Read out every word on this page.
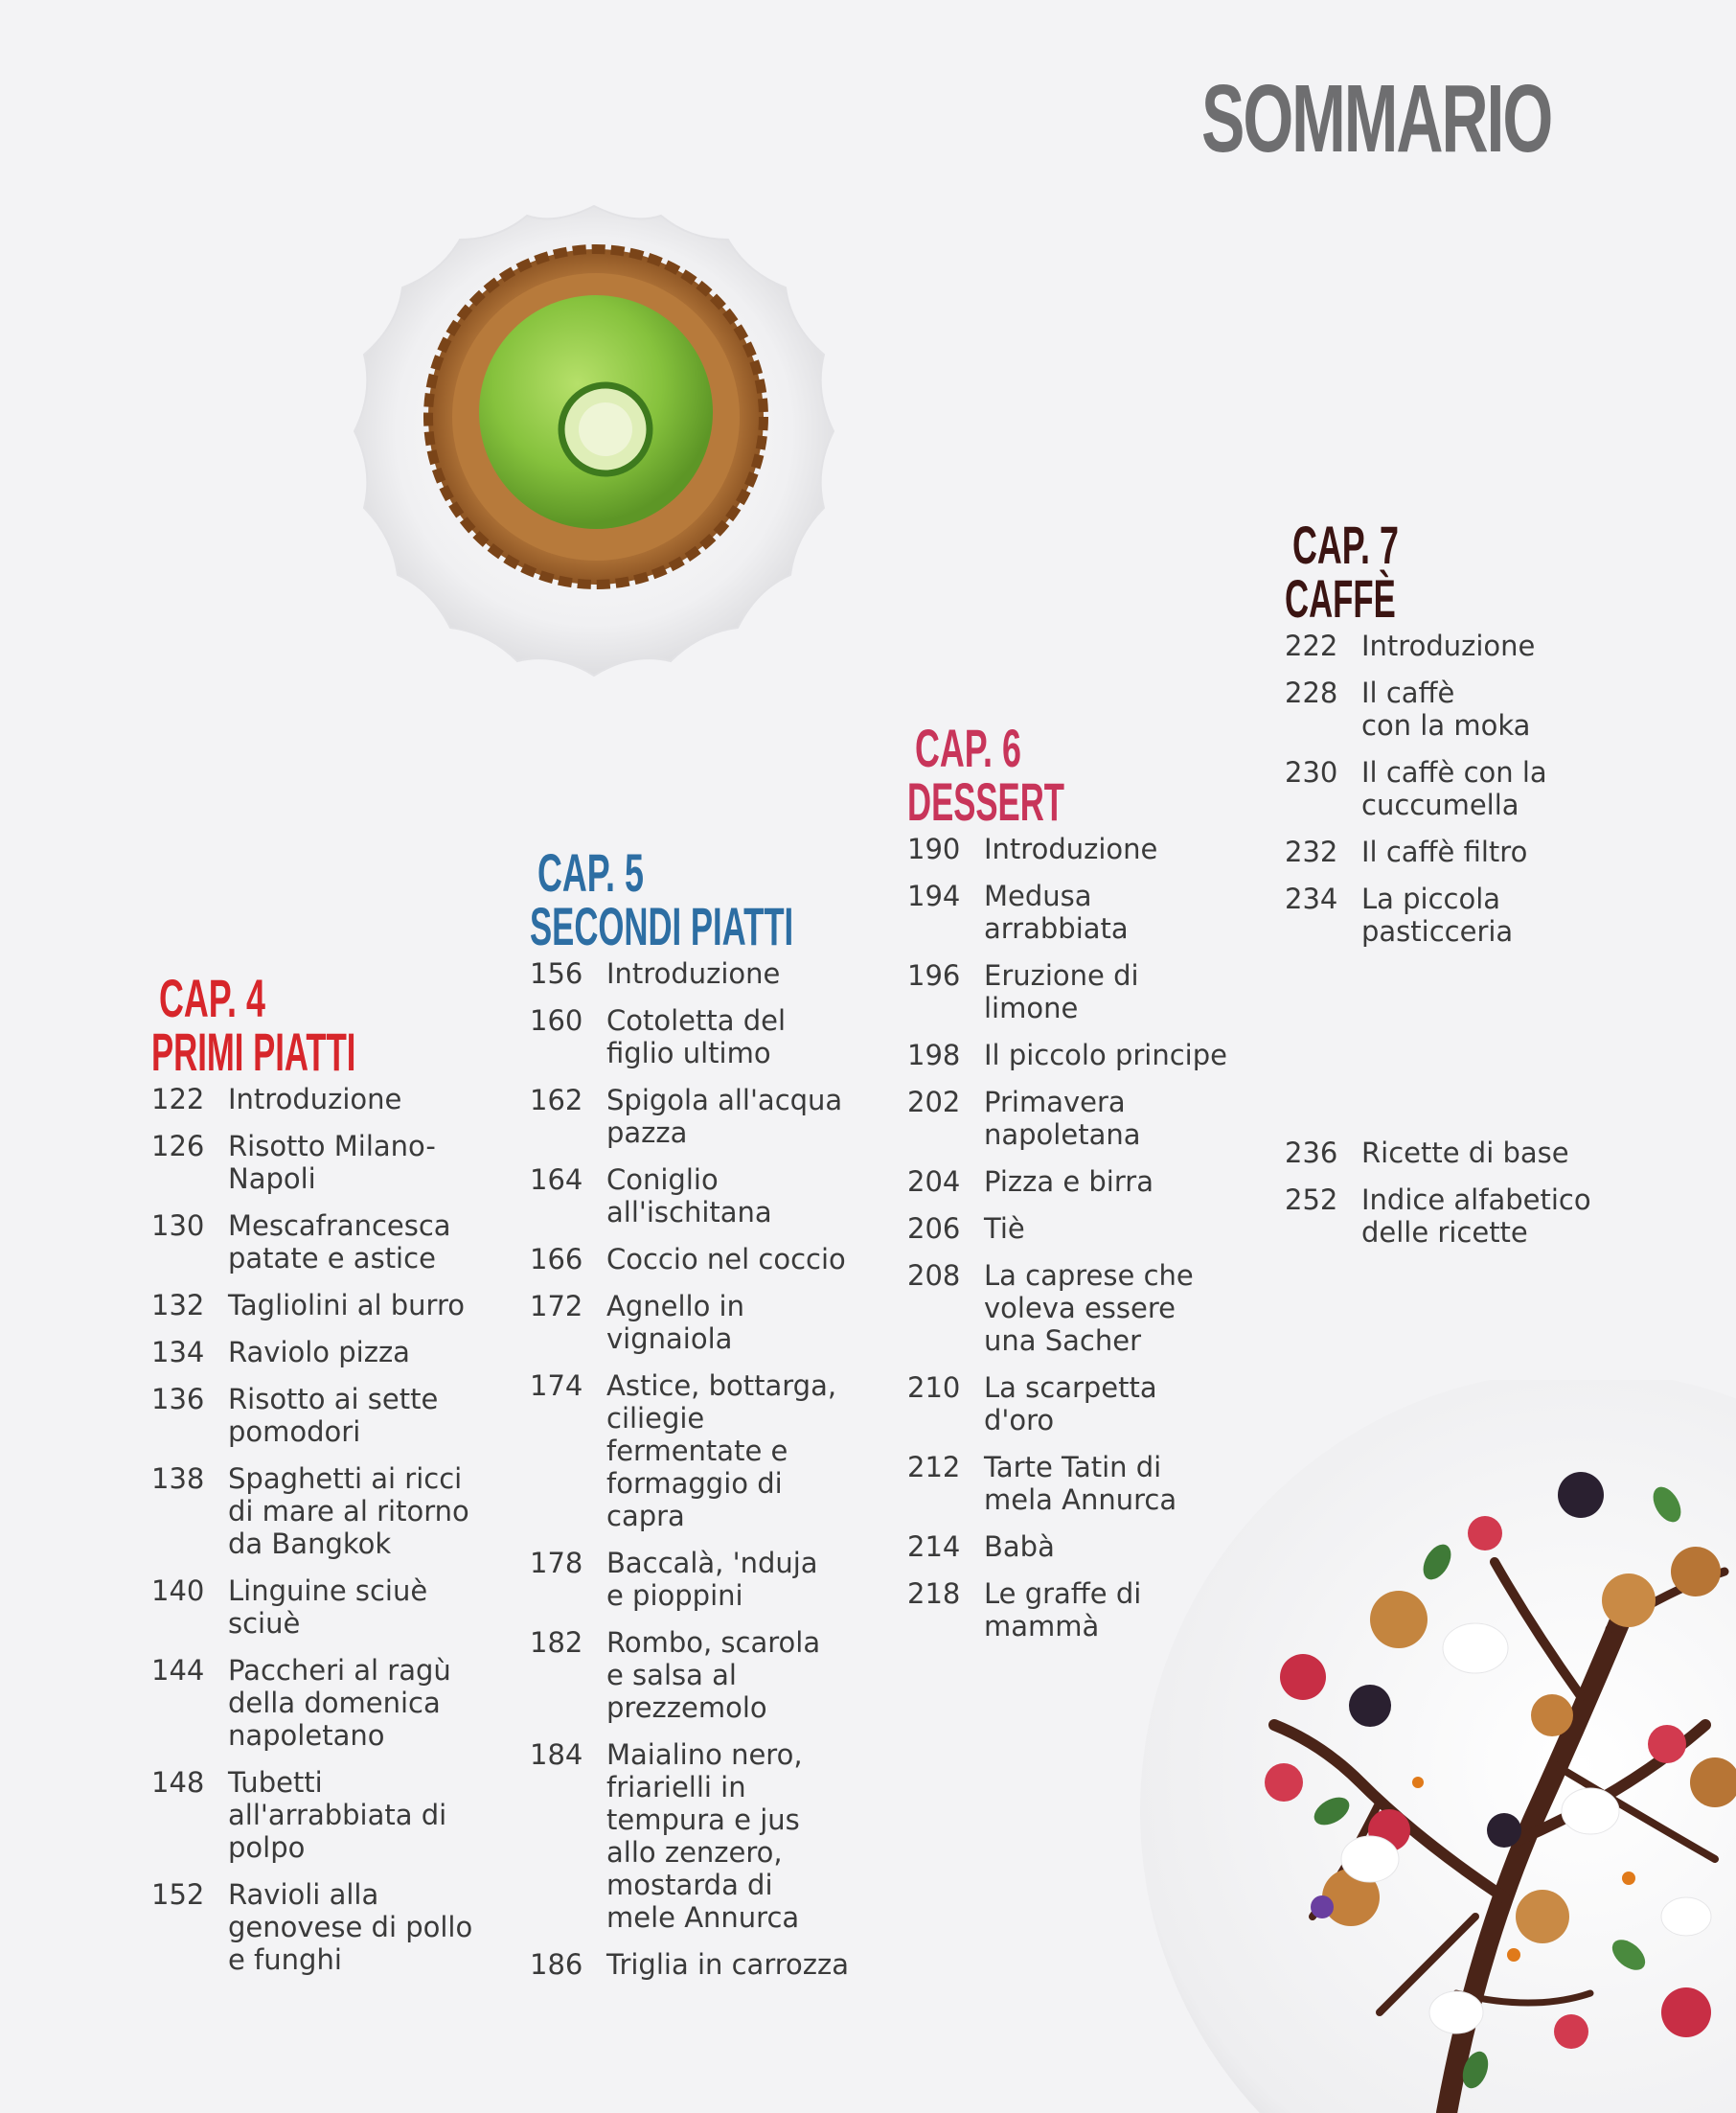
SOMMARIO
CAP. 4
PRIMI PIATTI
122 Introduzione
126 Risotto Milano-
Napoli
130 Mescafrancesca
patate e astice
132 Tagliolini al burro
134 Raviolo pizza
136 Risotto ai sette
pomodori
138 Spaghetti ai ricci
di mare al ritorno
da Bangkok
140 Linguine sciuè
sciuè
144 Paccheri al ragù
della domenica
napoletano
148 Tubetti
all'arrabbiata di
polpo
152 Ravioli alla
genovese di pollo
e funghi
CAP. 5
SECONDI PIATTI
156 Introduzione
160 Cotoletta del
figlio ultimo
162 Spigola all'acqua
pazza
164 Coniglio
all'ischitana
166 Coccio nel coccio
172 Agnello in
vignaiola
174 Astice, bottarga,
ciliegie
fermentate e
formaggio di
capra
178 Baccalà, 'nduja
e pioppini
182 Rombo, scarola
e salsa al
prezzemolo
184 Maialino nero,
friarielli in
tempura e jus
allo zenzero,
mostarda di
mele Annurca
186 Triglia in carrozza
CAP. 6
DESSERT
190 Introduzione
194 Medusa
arrabbiata
196 Eruzione di
limone
198 Il piccolo principe
202 Primavera
napoletana
204 Pizza e birra
206 Tiè
208 La caprese che
voleva essere
una Sacher
210 La scarpetta
d'oro
212 Tarte Tatin di
mela Annurca
214 Babà
218 Le graffe di
mammà
CAP. 7
CAFFÈ
222 Introduzione
228 Il caffè
con la moka
230 Il caffè con la
cuccumella
232 Il caffè filtro
234 La piccola
pasticceria
236 Ricette di base
252 Indice alfabetico
delle ricette
